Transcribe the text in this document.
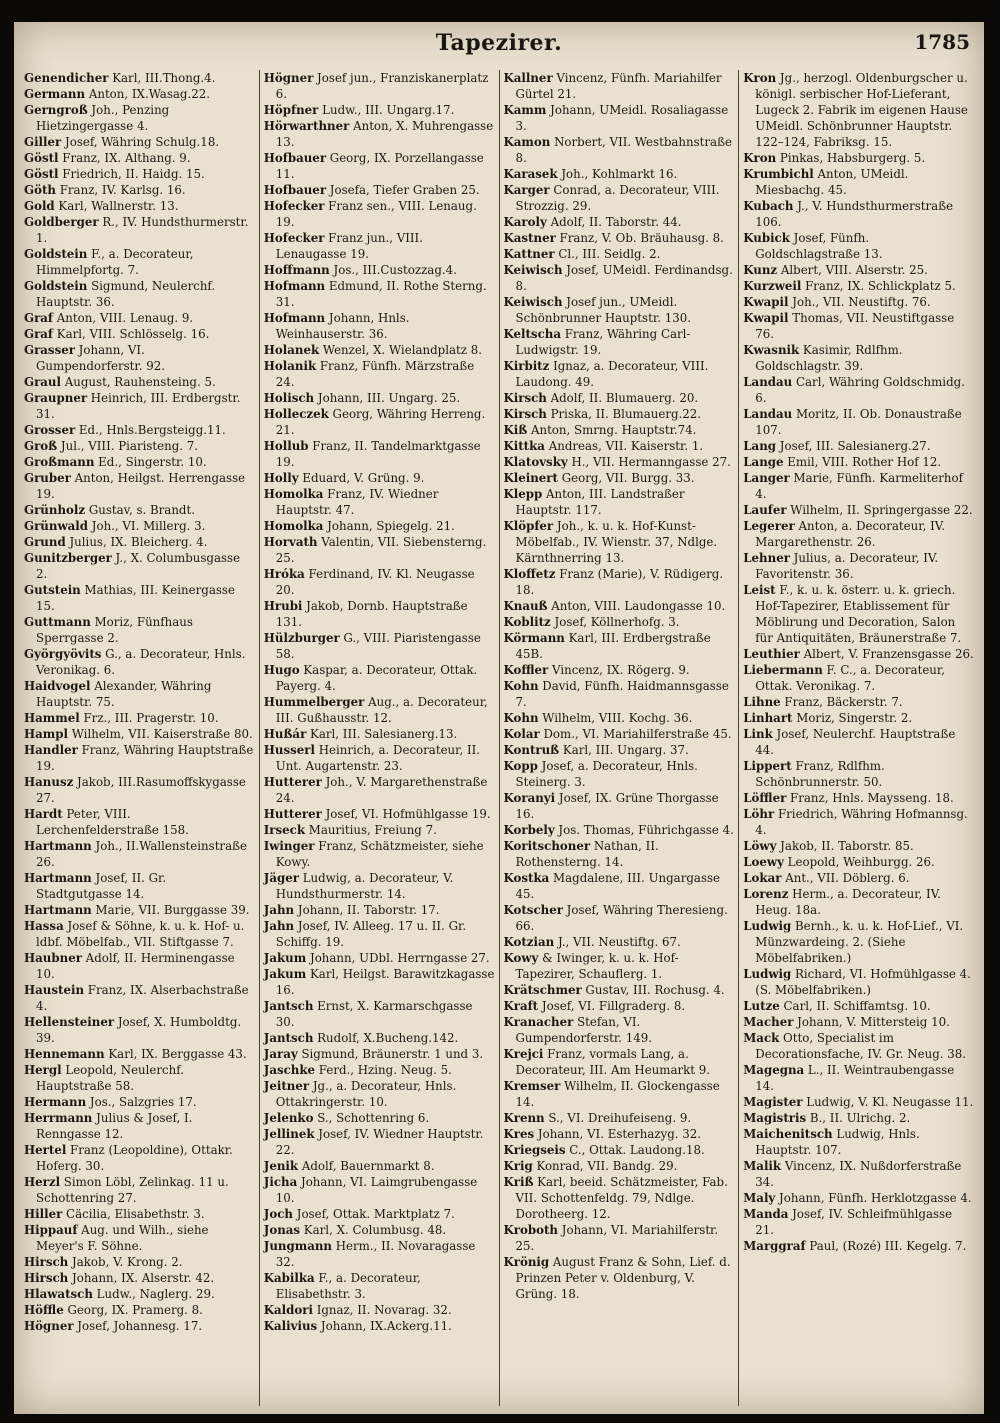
Tapezirer.	1785

Genendicher Karl, III.Thong.4.

Germann Anton, IX.Wasag.22.

Gerngroß Joh., Penzing Hietzingergasse 4.

Giller Josef, Währing Schulg.18.

Göstl Franz, IX. Althang. 9.

Göstl Friedrich, II. Haidg. 15.

Göth Franz, IV. Karlsg. 16.

Gold Karl, Wallnerstr. 13.

Goldberger R., IV. Hundsthurmerstr. 1.

Goldstein F., a. Decorateur, Himmelpfortg. 7.

Goldstein Sigmund, Neulerchf. Hauptstr. 36.

Graf Anton, VIII. Lenaug. 9.

Graf Karl, VIII. Schlösselg. 16.

Grasser Johann, VI. Gumpendorferstr. 92.

Graul August, Rauhensteing. 5.

Graupner Heinrich, III. Erdbergstr. 31.

Grosser Ed., Hnls.Bergsteigg.11.

Groß Jul., VIII. Piaristeng. 7.

Großmann Ed., Singerstr. 10.

Gruber Anton, Heilgst. Herrengasse 19.

Grünholz Gustav, s. Brandt.

Grünwald Joh., VI. Millerg. 3.

Grund Julius, IX. Bleicherg. 4.

Gunitzberger J., X. Columbusgasse 2.

Gutstein Mathias, III. Keinergasse 15.

Guttmann Moriz, Fünfhaus Sperrgasse 2.

Györgyövits G., a. Decorateur, Hnls. Veronikag. 6.

Haidvogel Alexander, Währing Hauptstr. 75.

Hammel Frz., III. Pragerstr. 10.

Hampl Wilhelm, VII. Kaiserstraße 80.

Handler Franz, Währing Hauptstraße 19.

Hanusz Jakob, III.Rasumoffskygasse 27.

Hardt Peter, VIII. Lerchenfelderstraße 158.

Hartmann Joh., II.Wallensteinstraße 26.

Hartmann Josef, II. Gr. Stadtgutgasse 14.

Hartmann Marie, VII. Burggasse 39.

Hassa Josef & Söhne, k. u. k. Hof- u. ldbf. Möbelfab., VII. Stiftgasse 7.

Haubner Adolf, II. Herminengasse 10.

Haustein Franz, IX. Alserbachstraße 4.

Hellensteiner Josef, X. Humboldtg. 39.

Hennemann Karl, IX. Berggasse 43.

Hergl Leopold, Neulerchf. Hauptstraße 58.

Hermann Jos., Salzgries 17.

Herrmann Julius & Josef, I. Renngasse 12.

Hertel Franz (Leopoldine), Ottakr. Hoferg. 30.

Herzl Simon Löbl, Zelinkag. 11 u. Schottenring 27.

Hiller Cäcilia, Elisabethstr. 3.

Hippauf Aug. und Wilh., siehe Meyer's F. Söhne.

Hirsch Jakob, V. Krong. 2.

Hirsch Johann, IX. Alserstr. 42.

Hlawatsch Ludw., Naglerg. 29.

Höffle Georg, IX. Pramerg. 8.

Högner Josef, Johannesg. 17.

Högner Josef jun., Franziskanerplatz 6.

Höpfner Ludw., III. Ungarg.17.

Hörwarthner Anton, X. Muhrengasse 13.

Hofbauer Georg, IX. Porzellangasse 11.

Hofbauer Josefa, Tiefer Graben 25.

Hofecker Franz sen., VIII. Lenaug. 19.

Hofecker Franz jun., VIII. Lenaugasse 19.

Hoffmann Jos., III.Custozzag.4.

Hofmann Edmund, II. Rothe Sterng. 31.

Hofmann Johann, Hnls. Weinhauserstr. 36.

Holanek Wenzel, X. Wielandplatz 8.

Holanik Franz, Fünfh. Märzstraße 24.

Holisch Johann, III. Ungarg. 25.

Holleczek Georg, Währing Herreng. 21.

Hollub Franz, II. Tandelmarktgasse 19.

Holly Eduard, V. Grüng. 9.

Homolka Franz, IV. Wiedner Hauptstr. 47.

Homolka Johann, Spiegelg. 21.

Horvath Valentin, VII. Siebensterng. 25.

Hróka Ferdinand, IV. Kl. Neugasse 20.

Hrubi Jakob, Dornb. Hauptstraße 131.

Hülzburger G., VIII. Piaristengasse 58.

Hugo Kaspar, a. Decorateur, Ottak. Payerg. 4.

Hummelberger Aug., a. Decorateur, III. Gußhausstr. 12.

Hußár Karl, III. Salesianerg.13.

Husserl Heinrich, a. Decorateur, II. Unt. Augartenstr. 23.

Hutterer Joh., V. Margarethenstraße 24.

Hutterer Josef, VI. Hofmühlgasse 19.

Irseck Mauritius, Freiung 7.

Iwinger Franz, Schätzmeister, siehe Kowy.

Jäger Ludwig, a. Decorateur, V. Hundsthurmerstr. 14.

Jahn Johann, II. Taborstr. 17.

Jahn Josef, IV. Alleeg. 17 u. II. Gr. Schiffg. 19.

Jakum Johann, UDbl. Herrngasse 27.

Jakum Karl, Heilgst. Barawitzkagasse 16.

Jantsch Ernst, X. Karmarschgasse 30.

Jantsch Rudolf, X.Bucheng.142.

Jaray Sigmund, Bräunerstr. 1 und 3.

Jaschke Ferd., Hzing. Neug. 5.

Jeitner Jg., a. Decorateur, Hnls. Ottakringerstr. 10.

Jelenko S., Schottenring 6.

Jellinek Josef, IV. Wiedner Hauptstr. 22.

Jenik Adolf, Bauernmarkt 8.

Jicha Johann, VI. Laimgrubengasse 10.

Joch Josef, Ottak. Marktplatz 7.

Jonas Karl, X. Columbusg. 48.

Jungmann Herm., II. Novaragasse 32.

Kabilka F., a. Decorateur, Elisabethstr. 3.

Kaldori Ignaz, II. Novarag. 32.

Kalivius Johann, IX.Ackerg.11.

Kallner Vincenz, Fünfh. Mariahilfer Gürtel 21.

Kamm Johann, UMeidl. Rosaliagasse 3.

Kamon Norbert, VII. Westbahnstraße 8.

Karasek Joh., Kohlmarkt 16.

Karger Conrad, a. Decorateur, VIII. Strozzig. 29.

Karoly Adolf, II. Taborstr. 44.

Kastner Franz, V. Ob. Bräuhausg. 8.

Kattner Cl., III. Seidlg. 2.

Keiwisch Josef, UMeidl. Ferdinandsg. 8.

Keiwisch Josef jun., UMeidl. Schönbrunner Hauptstr. 130.

Keltscha Franz, Währing Carl-Ludwigstr. 19.

Kirbitz Ignaz, a. Decorateur, VIII. Laudong. 49.

Kirsch Adolf, II. Blumauerg. 20.

Kirsch Priska, II. Blumauerg.22.

Kiß Anton, Smrng. Hauptstr.74.

Kittka Andreas, VII. Kaiserstr. 1.

Klatovsky H., VII. Hermanngasse 27.

Kleinert Georg, VII. Burgg. 33.

Klepp Anton, III. Landstraßer Hauptstr. 117.

Klöpfer Joh., k. u. k. Hof-Kunst-Möbelfab., IV. Wienstr. 37, Ndlge. Kärnthnerring 13.

Kloffetz Franz (Marie), V. Rüdigerg. 18.

Knauß Anton, VIII. Laudongasse 10.

Koblitz Josef, Köllnerhofg. 3.

Körmann Karl, III. Erdbergstraße 45B.

Koffler Vincenz, IX. Rögerg. 9.

Kohn David, Fünfh. Haidmannsgasse 7.

Kohn Wilhelm, VIII. Kochg. 36.

Kolar Dom., VI. Mariahilferstraße 45.

Kontruß Karl, III. Ungarg. 37.

Kopp Josef, a. Decorateur, Hnls. Steinerg. 3.

Koranyi Josef, IX. Grüne Thorgasse 16.

Korbely Jos. Thomas, Führichgasse 4.

Koritschoner Nathan, II. Rothensterng. 14.

Kostka Magdalene, III. Ungargasse 45.

Kotscher Josef, Währing Theresieng. 66.

Kotzian J., VII. Neustiftg. 67.

Kowy & Iwinger, k. u. k. Hof-Tapezirer, Schauflerg. 1.

Krätschmer Gustav, III. Rochusg. 4.

Kraft Josef, VI. Fillgraderg. 8.

Kranacher Stefan, VI. Gumpendorferstr. 149.

Krejci Franz, vormals Lang, a. Decorateur, III. Am Heumarkt 9.

Kremser Wilhelm, II. Glockengasse 14.

Krenn S., VI. Dreihufeiseng. 9.

Kres Johann, VI. Esterhazyg. 32.

Kriegseis C., Ottak. Laudong.18.

Krig Konrad, VII. Bandg. 29.

Kriß Karl, beeid. Schätzmeister, Fab. VII. Schottenfeldg. 79, Ndlge. Dorotheerg. 12.

Kroboth Johann, VI. Mariahilferstr. 25.

Krönig August Franz & Sohn, Lief. d. Prinzen Peter v. Oldenburg, V. Grüng. 18.

Kron Jg., herzogl. Oldenburgscher u. königl. serbischer Hof-Lieferant, Lugeck 2. Fabrik im eigenen Hause UMeidl. Schönbrunner Hauptstr. 122–124, Fabriksg. 15.

Kron Pinkas, Habsburgerg. 5.

Krumbichl Anton, UMeidl. Miesbachg. 45.

Kubach J., V. Hundsthurmerstraße 106.

Kubick Josef, Fünfh. Goldschlagstraße 13.

Kunz Albert, VIII. Alserstr. 25.

Kurzweil Franz, IX. Schlickplatz 5.

Kwapil Joh., VII. Neustiftg. 76.

Kwapil Thomas, VII. Neustiftgasse 76.

Kwasnik Kasimir, Rdlfhm. Goldschlagstr. 39.

Landau Carl, Währing Goldschmidg. 6.

Landau Moritz, II. Ob. Donaustraße 107.

Lang Josef, III. Salesianerg.27.

Lange Emil, VIII. Rother Hof 12.

Langer Marie, Fünfh. Karmeliterhof 4.

Laufer Wilhelm, II. Springergasse 22.

Legerer Anton, a. Decorateur, IV. Margarethenstr. 26.

Lehner Julius, a. Decorateur, IV. Favoritenstr. 36.

Leist F., k. u. k. österr. u. k. griech. Hof-Tapezirer, Etablissement für Möblirung und Decoration, Salon für Antiquitäten, Bräunerstraße 7.

Leuthier Albert, V. Franzensgasse 26.

Liebermann F. C., a. Decorateur, Ottak. Veronikag. 7.

Lihne Franz, Bäckerstr. 7.

Linhart Moriz, Singerstr. 2.

Link Josef, Neulerchf. Hauptstraße 44.

Lippert Franz, Rdlfhm. Schönbrunnerstr. 50.

Löffler Franz, Hnls. Maysseng. 18.

Löhr Friedrich, Währing Hofmannsg. 4.

Löwy Jakob, II. Taborstr. 85.

Loewy Leopold, Weihburgg. 26.

Lokar Ant., VII. Döblerg. 6.

Lorenz Herm., a. Decorateur, IV. Heug. 18a.

Ludwig Bernh., k. u. k. Hof-Lief., VI. Münzwardeing. 2. (Siehe Möbelfabriken.)

Ludwig Richard, VI. Hofmühlgasse 4. (S. Möbelfabriken.)

Lutze Carl, II. Schiffamtsg. 10.

Macher Johann, V. Mittersteig 10.

Mack Otto, Specialist im Decorationsfache, IV. Gr. Neug. 38.

Magegna L., II. Weintraubengasse 14.

Magister Ludwig, V. Kl. Neugasse 11.

Magistris B., II. Ulrichg. 2.

Maichenitsch Ludwig, Hnls. Hauptstr. 107.

Malik Vincenz, IX. Nußdorferstraße 34.

Maly Johann, Fünfh. Herklotzgasse 4.

Manda Josef, IV. Schleifmühlgasse 21.

Marggraf Paul, (Rozé) III. Kegelg. 7.
